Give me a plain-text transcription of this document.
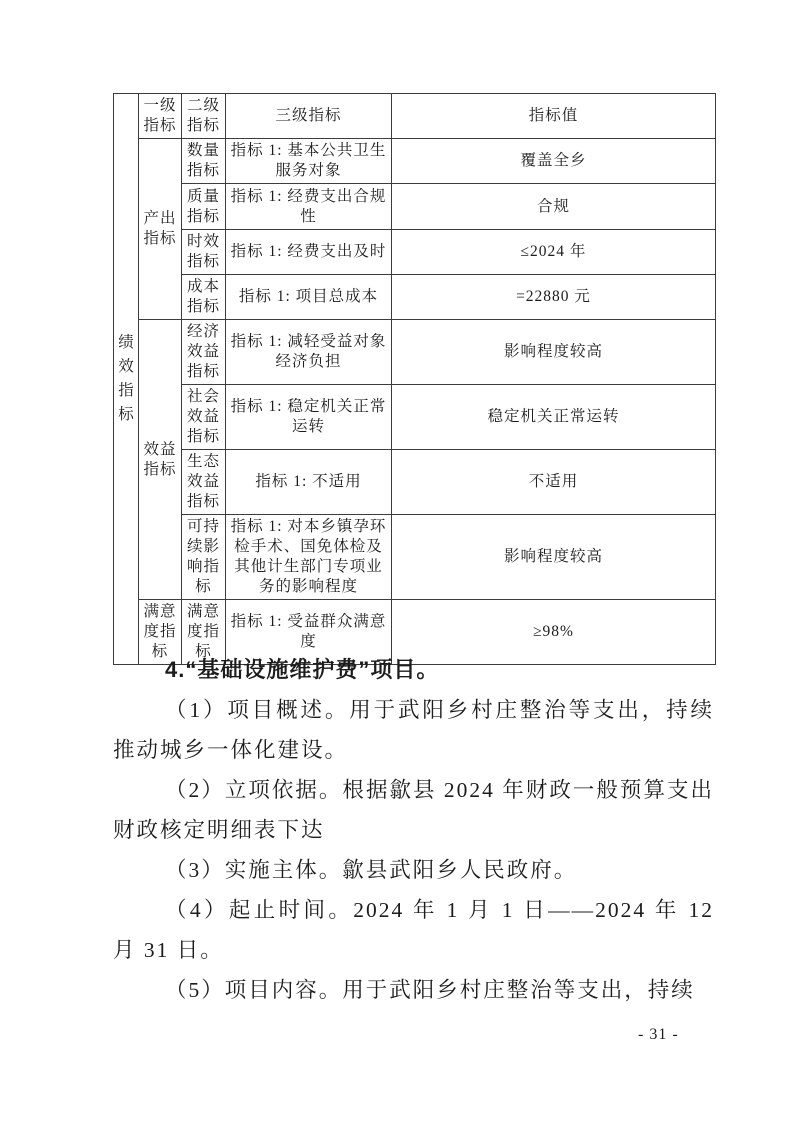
绩效指标	一级指标	二级指标	三级指标	指标值
	产出指标	数量指标	指标 1: 基本公共卫生服务对象	覆盖全乡
		质量指标	指标 1: 经费支出合规性	合规
		时效指标	指标 1: 经费支出及时	≤2024 年
		成本指标	指标 1: 项目总成本	=22880 元
	效益指标	经济效益指标	指标 1: 减轻受益对象经济负担	影响程度较高
		社会效益指标	指标 1: 稳定机关正常运转	稳定机关正常运转
		生态效益指标	指标 1: 不适用	不适用
		可持续影响指标	指标 1: 对本乡镇孕环检手术、国免体检及其他计生部门专项业务的影响程度	影响程度较高
	满意度指标	满意度指标	指标 1: 受益群众满意度	≥98%

4.“基础设施维护费”项目。

（1）项目概述。用于武阳乡村庄整治等支出，持续推动城乡一体化建设。

（2）立项依据。根据歙县 2024 年财政一般预算支出财政核定明细表下达

（3）实施主体。歙县武阳乡人民政府。

（4）起止时间。2024 年 1 月 1 日——2024 年 12 月 31 日。

（5）项目内容。用于武阳乡村庄整治等支出，持续

- 31 -
